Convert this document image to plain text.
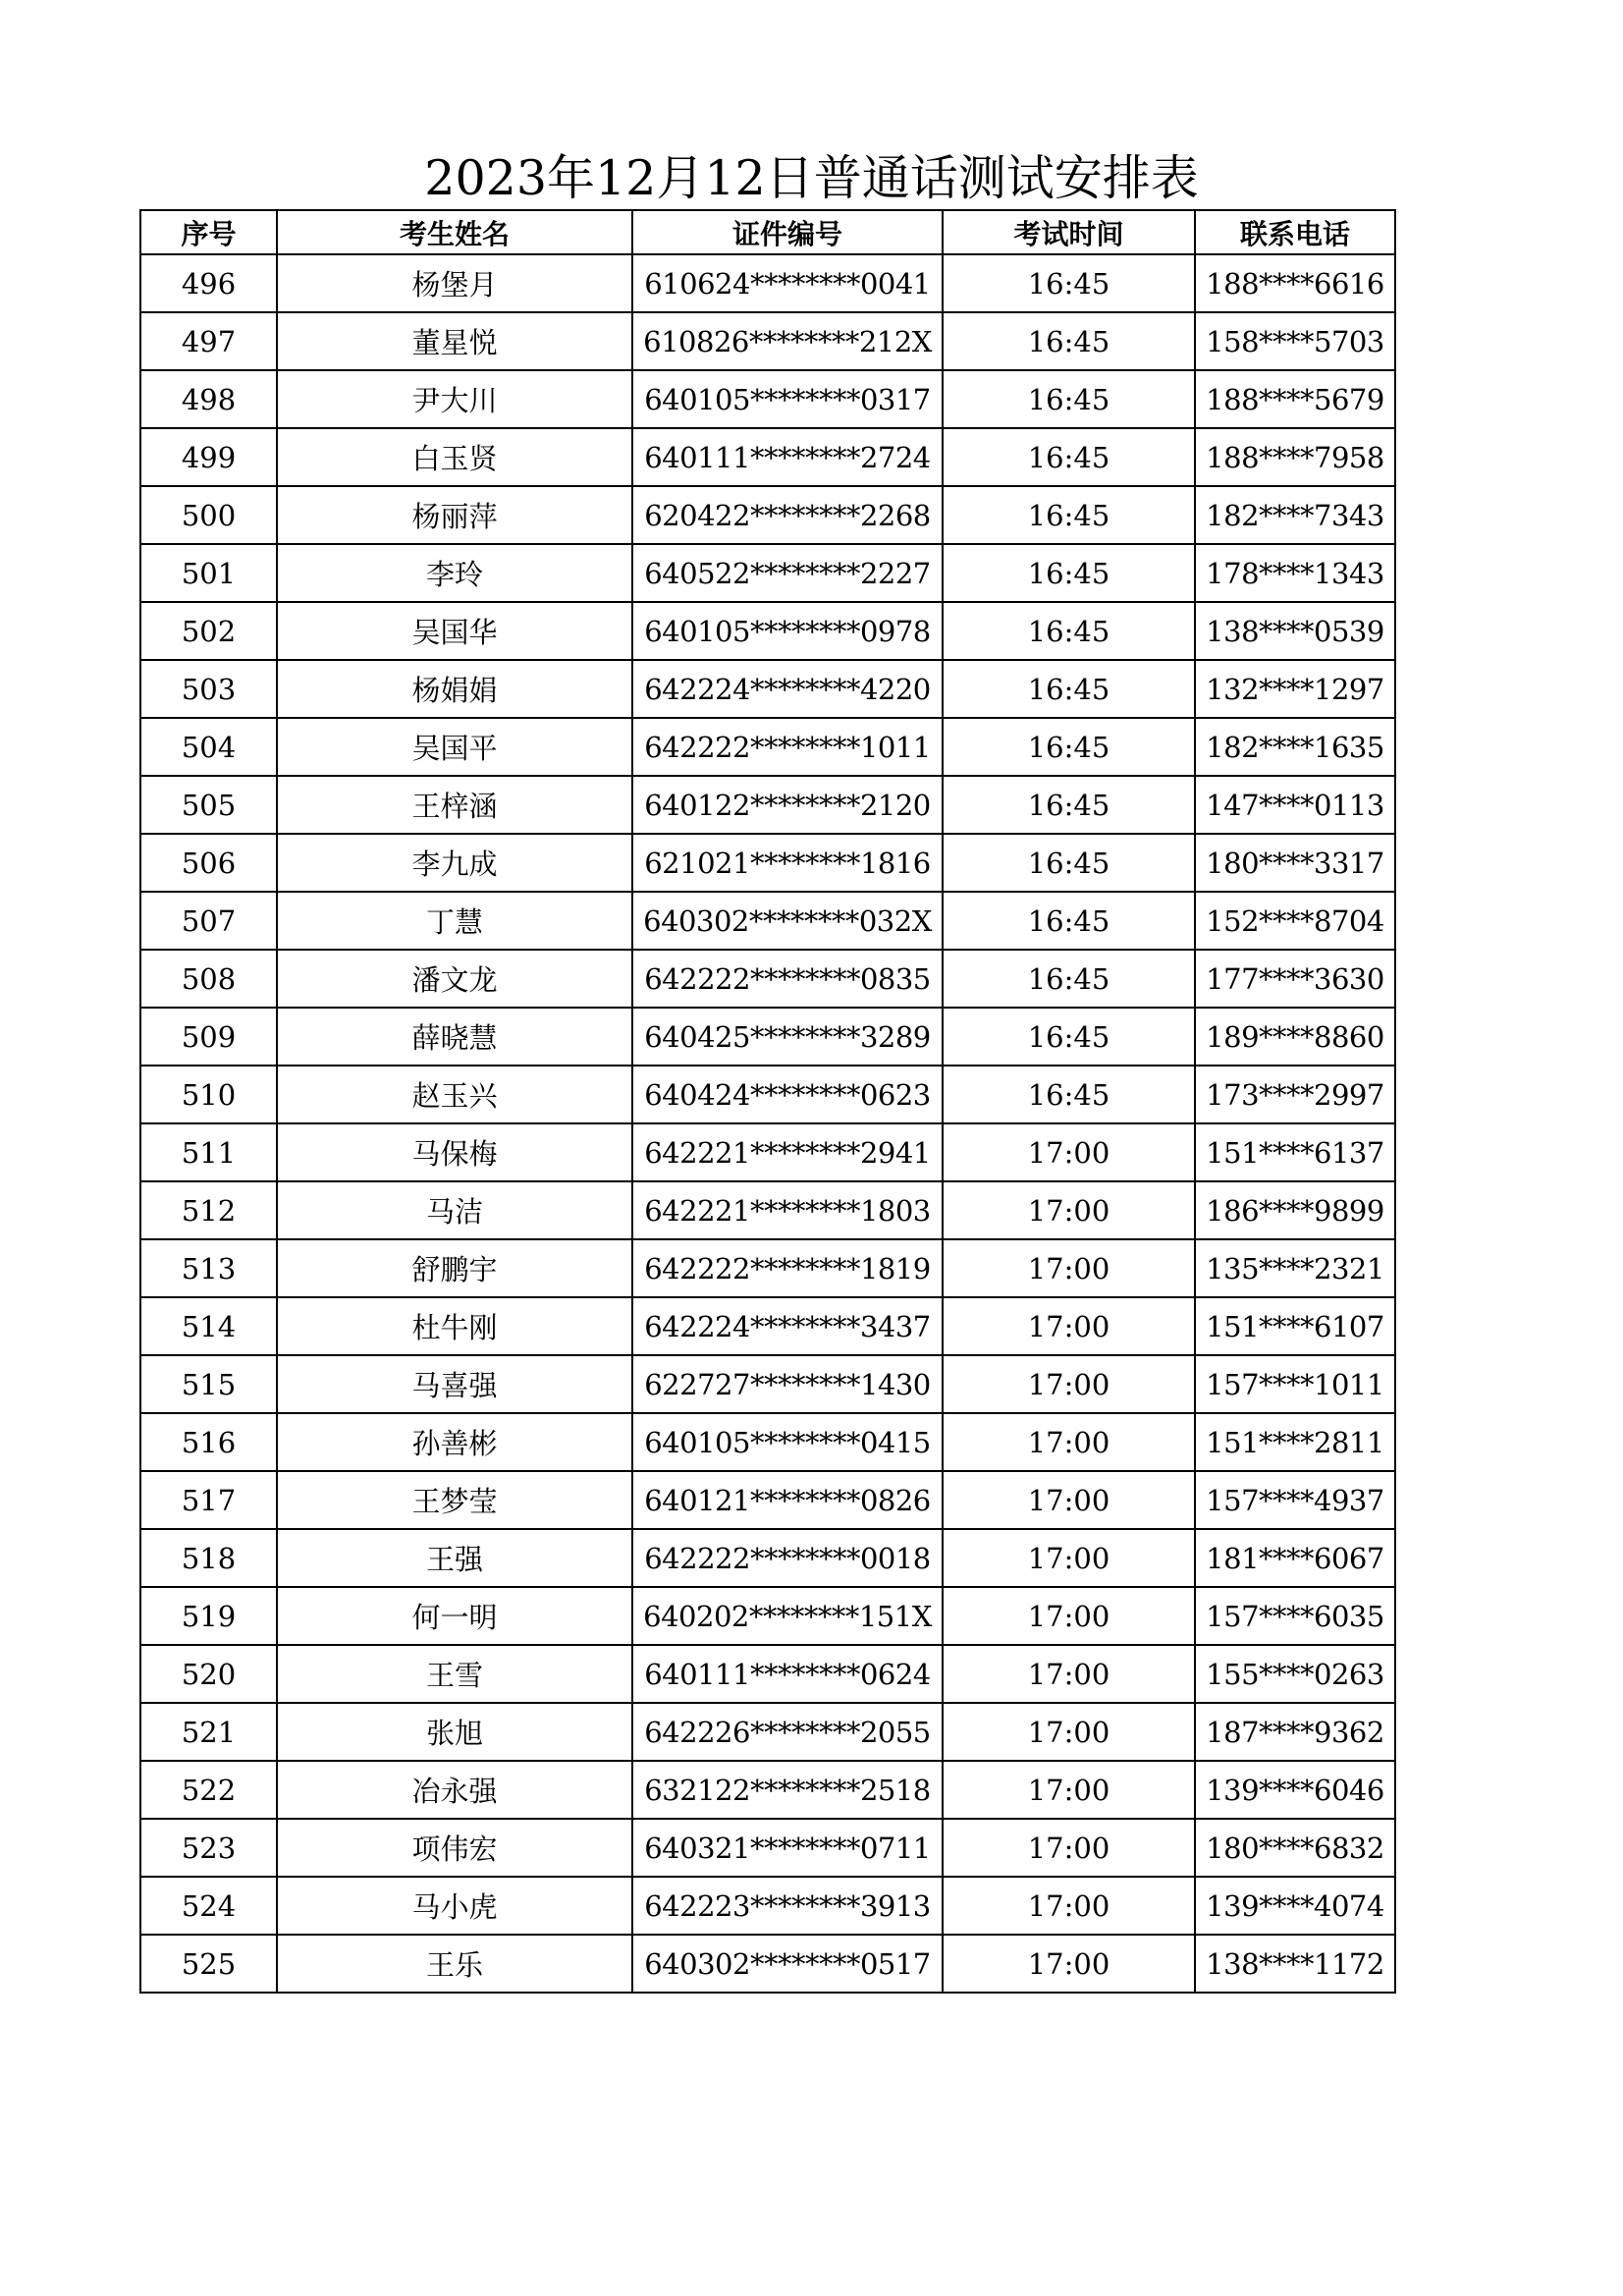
2023年12月12日普通话测试安排表
序号	考生姓名	证件编号	考试时间	联系电话
496	杨堡月	610624********0041	16:45	188****6616
497	董星悦	610826********212X	16:45	158****5703
498	尹大川	640105********0317	16:45	188****5679
499	白玉贤	640111********2724	16:45	188****7958
500	杨丽萍	620422********2268	16:45	182****7343
501	李玲	640522********2227	16:45	178****1343
502	吴国华	640105********0978	16:45	138****0539
503	杨娟娟	642224********4220	16:45	132****1297
504	吴国平	642222********1011	16:45	182****1635
505	王梓涵	640122********2120	16:45	147****0113
506	李九成	621021********1816	16:45	180****3317
507	丁慧	640302********032X	16:45	152****8704
508	潘文龙	642222********0835	16:45	177****3630
509	薛晓慧	640425********3289	16:45	189****8860
510	赵玉兴	640424********0623	16:45	173****2997
511	马保梅	642221********2941	17:00	151****6137
512	马洁	642221********1803	17:00	186****9899
513	舒鹏宇	642222********1819	17:00	135****2321
514	杜牛刚	642224********3437	17:00	151****6107
515	马喜强	622727********1430	17:00	157****1011
516	孙善彬	640105********0415	17:00	151****2811
517	王梦莹	640121********0826	17:00	157****4937
518	王强	642222********0018	17:00	181****6067
519	何一明	640202********151X	17:00	157****6035
520	王雪	640111********0624	17:00	155****0263
521	张旭	642226********2055	17:00	187****9362
522	冶永强	632122********2518	17:00	139****6046
523	项伟宏	640321********0711	17:00	180****6832
524	马小虎	642223********3913	17:00	139****4074
525	王乐	640302********0517	17:00	138****1172
